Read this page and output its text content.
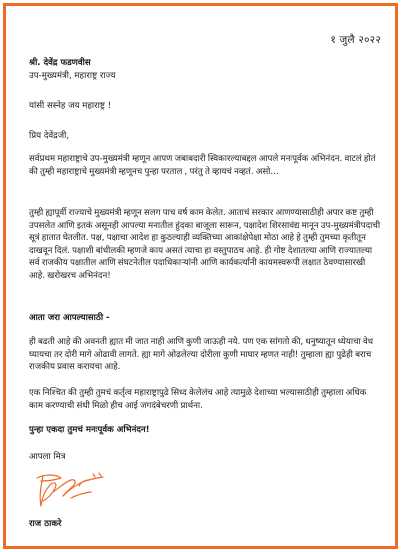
१ जुलै २०२२
श्री. देवेंद्र फडणवीस
उप-मुख्यमंत्री, महाराष्ट्र राज्य
यांसी सस्नेह जय महाराष्ट्र !
प्रिय देवेंद्रजी,

सर्वप्रथम महाराष्ट्राचे उप-मुख्यमंत्री म्हणून आपण जबाबदारी स्विकारल्याबद्दल आपले मनःपूर्वक अभिनंदन. वाटलं होतं की तुम्ही महाराष्ट्राचे मुख्यमंत्री म्हणूनच पुन्हा परताल , परंतु ते व्हायचं नव्हतं. असो...

तुम्ही ह्यापूर्वी राज्याचे मुख्यमंत्री म्हणून सलग पाच वर्ष काम केलेत. आताचं सरकार आणण्यासाठीही अपार कष्ट तुम्ही उपसलेत आणि इतकं असूनही आपल्या मनातील हुंदका बाजूला सारून, पक्षादेश शिरसावंद्य मानून उप-मुख्यमंत्रीपदाची सूत्रं हातात घेतलीत. पक्ष, पक्षाचा आदेश हा कुठल्याही व्यक्तिच्या आकांक्षेपेक्षा मोठा आहे हे तुम्ही तुमच्या कृतीतून दाखवून दिलं. पक्षाशी बांधीलकी म्हणजे काय असतं त्याचा हा वस्तुपाठच आहे. ही गोष्ट देशातल्या आणि राज्यातल्या सर्व राजकीय पक्षातील आणि संघटनेतील पदाधिकाऱ्यांनी आणि कार्यकर्त्यांनी कायमस्वरूपी लक्षात ठेवण्यासारखी आहे. खरोखरच अभिनंदन!

आता जरा आपल्यासाठी -

ही बढती आहे की अवनती ह्यात मी जात नाही आणि कुणी जाऊही नये. पण एक सांगतो की, धनुष्यातून ध्येयाचा वेध घ्यायचा तर दोरी मागे ओढावी लागते. ह्या मागे ओढलेल्या दोरीला कुणी माघार म्हणत नाही! तुम्हाला ह्या पुढेही बराच राजकीय प्रवास करायचा आहे.

एक निश्चित की तुम्ही तुमचं कर्तृत्व महाराष्ट्रापुढे सिध्द केलेलंच आहे त्यामुळे देशाच्या भल्यासाठीही तुम्हाला अधिक काम करण्याची संधी मिळो हीच आई जगदंबेचरणी प्रार्थना.

पुन्हा एकदा तुमचं मनःपूर्वक अभिनंदन!
आपला मित्र
राज ठाकरे
